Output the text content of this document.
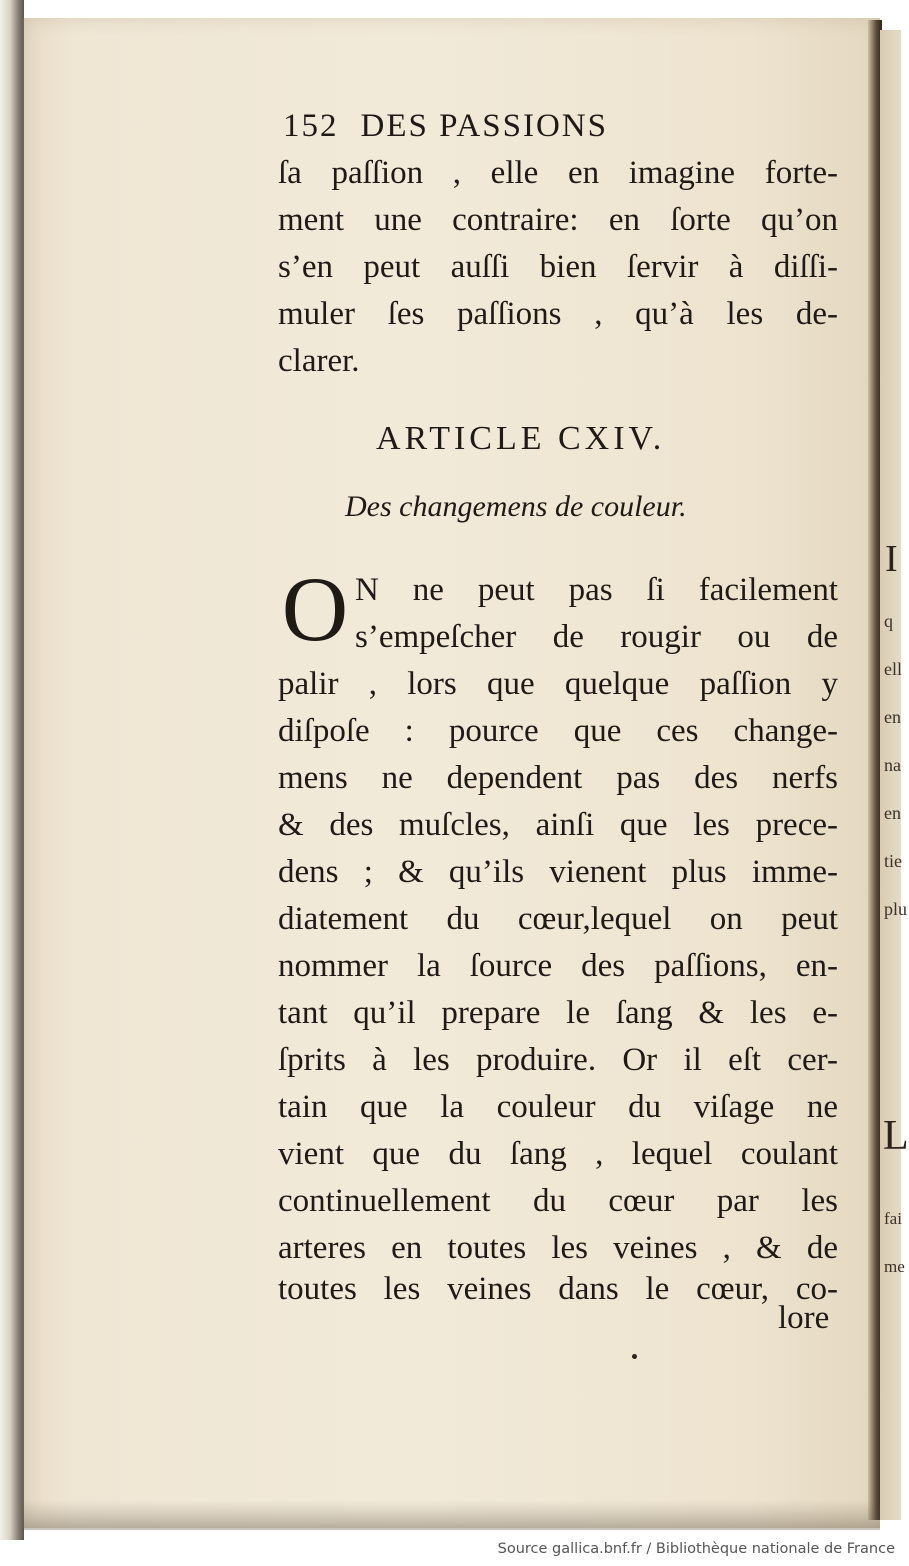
I
q
ell
en
na
en
tie
plu
L
fai
me
152 DES PASSIONS
ſa paſſion , elle en imagine forte-
ment une contraire: en ſorte qu’on
s’en peut auſſi bien ſervir à diſſi-
muler ſes paſſions , qu’à les de-
clarer.
ARTICLE CXIV.
Des changemens de couleur.
O N ne peut pas ſi facilement
s’empeſcher de rougir ou de
palir , lors que quelque paſſion y
diſpoſe : pource que ces change-
mens ne dependent pas des nerfs
& des muſcles, ainſi que les prece-
dens ; & qu’ils vienent plus imme-
diatement du cœur,lequel on peut
nommer la ſource des paſſions, en-
tant qu’il prepare le ſang & les e-
ſprits à les produire. Or il eſt cer-
tain que la couleur du viſage ne
vient que du ſang , lequel coulant
continuellement du cœur par les
arteres en toutes les veines , & de
toutes les veines dans le cœur, co-
lore
Source gallica.bnf.fr / Bibliothèque nationale de France
